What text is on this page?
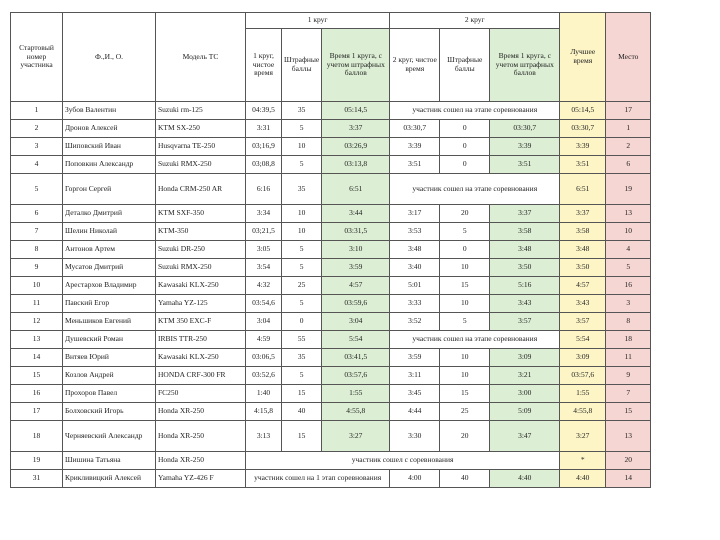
Стартовый номер участника	Ф.,И., О.	Модель ТС	1 круг			2 круг			Лучшее время	Место
			1 круг, чистое время	Штрафные баллы	Время 1 круга, с учетом штрафных баллов	2 круг, чистое время	Штрафные баллы	Время 1 круга, с учетом штрафных баллов		
1	Зубов Валентин	Suzuki rm-125	04:39,5	35	05:14,5	участник сошел на этапе соревнования			05:14,5	17
2	Дронов Алексей	KTM SX-250	3:31	5	3:37	03:30,7	0	03:30,7	03:30,7	1
3	Шиповский Иван	Husqvarna TE-250	03;16,9	10	03:26,9	3:39	0	3:39	3:39	2
4	Поповкин Александр	Suzuki RMX-250	03;08,8	5	03:13,8	3:51	0	3:51	3:51	6
5	Горгон Сергей	Honda CRM-250 AR	6:16	35	6:51	участник сошел на этапе соревнования			6:51	19
6	Деталко Дмитрий	KTM SXF-350	3:34	10	3:44	3:17	20	3:37	3:37	13
7	Шелин Николай	KTM-350	03;21,5	10	03:31,5	3:53	5	3:58	3:58	10
8	Антонов Артем	Suzuki DR-250	3:05	5	3:10	3:48	0	3:48	3:48	4
9	Мусатов Дмитрий	Suzuki RMX-250	3:54	5	3:59	3:40	10	3:50	3:50	5
10	Арестархов Владимир	Kawasaki KLX-250	4:32	25	4:57	5:01	15	5:16	4:57	16
11	Павский Егор	Yamaha YZ-125	03:54,6	5	03:59,6	3:33	10	3:43	3:43	3
12	Меньшиков Евгений	KTM 350 EXC-F	3:04	0	3:04	3:52	5	3:57	3:57	8
13	Душевский Роман	IRBIS TTR-250	4:59	55	5:54	участник сошел на этапе соревнования			5:54	18
14	Внтяев Юрий	Kawasaki KLX-250	03:06,5	35	03:41,5	3:59	10	3:09	3:09	11
15	Козлов Андрей	HONDA CRF-300 FR	03:52,6	5	03:57,6	3:11	10	3:21	03:57,6	9
16	Прохоров Павел	FC250	1:40	15	1:55	3:45	15	3:00	1:55	7
17	Болховский Игорь	Honda XR-250	4:15,8	40	4:55,8	4:44	25	5:09	4:55,8	15
18	Черняевский Александр	Honda XR-250	3:13	15	3:27	3:30	20	3:47	3:27	13
19	Шишина Татьяна	Honda XR-250	участник сошел с соревнования						*	20
31	Крикливицкий Алексей	Yamaha YZ-426 F	участник сошел на 1 этап соревнования			4:00	40	4:40	4:40	14
